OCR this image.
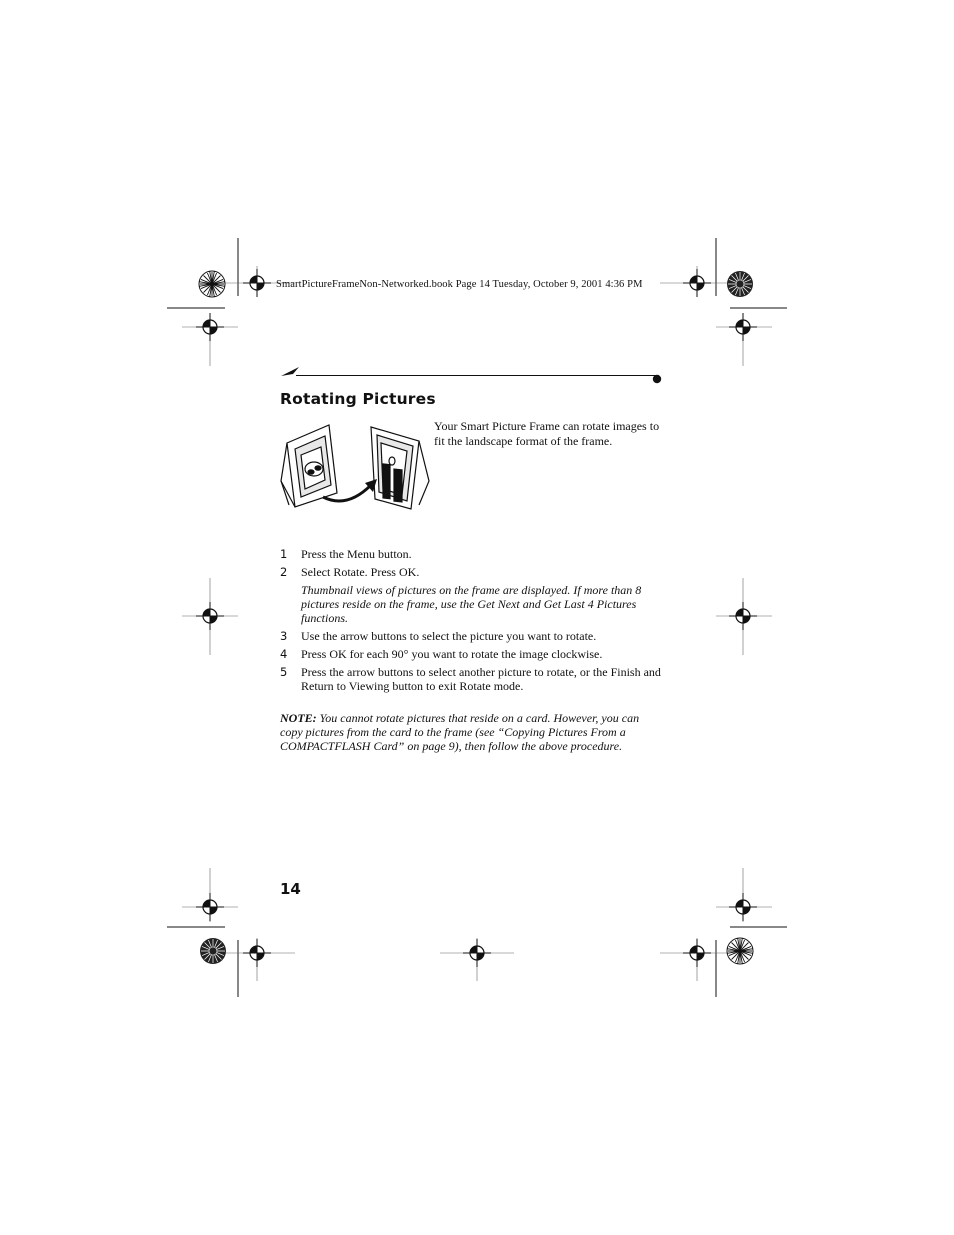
SmartPictureFrameNon-Networked.book Page 14 Tuesday, October 9, 2001 4:36 PM
Rotating Pictures
Your Smart Picture Frame can rotate images to fit the landscape format of the frame.
1	Press the Menu button.
2	Select Rotate. Press OK.
Thumbnail views of pictures on the frame are displayed. If more than 8 pictures reside on the frame, use the Get Next and Get Last 4 Pictures functions.
3	Use the arrow buttons to select the picture you want to rotate.
4	Press OK for each 90° you want to rotate the image clockwise.
5	Press the arrow buttons to select another picture to rotate, or the Finish and Return to Viewing button to exit Rotate mode.
NOTE: You cannot rotate pictures that reside on a card. However, you can copy pictures from the card to the frame (see “Copying Pictures From a COMPACTFLASH Card” on page 9), then follow the above procedure.
14
